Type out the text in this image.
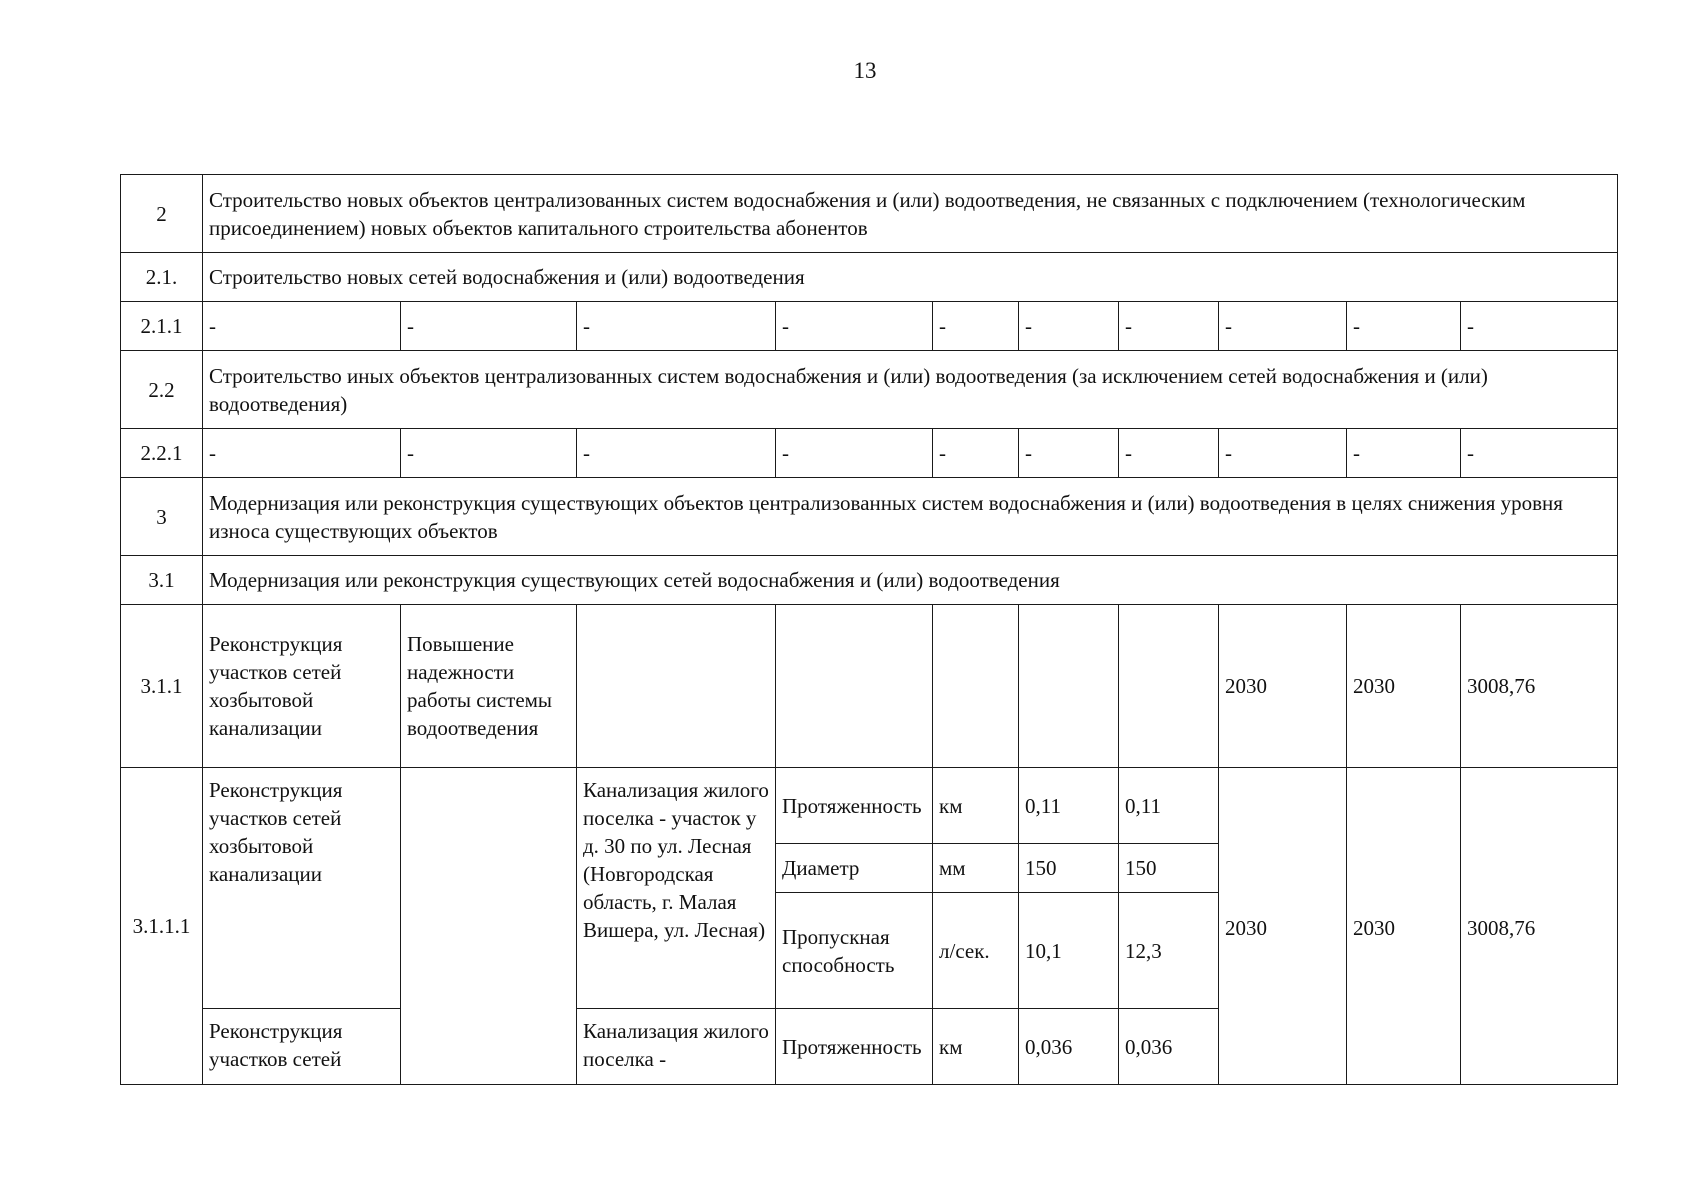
13
2	Строительство новых объектов централизованных систем водоснабжения и (или) водоотведения, не связанных с подключением (технологическим присоединением) новых объектов капитального строительства абонентов									
2.1.	Строительство новых сетей водоснабжения и (или) водоотведения									
2.1.1	-	-	-	-	-	-	-	-	-	-
2.2	Строительство иных объектов централизованных систем водоснабжения и (или) водоотведения (за исключением сетей водоснабжения и (или) водоотведения)									
2.2.1	-	-	-	-	-	-	-	-	-	-
3	Модернизация или реконструкция существующих объектов централизованных систем водоснабжения и (или) водоотведения в целях снижения уровня износа существующих объектов									
3.1	Модернизация или реконструкция существующих сетей водоснабжения и (или) водоотведения									
3.1.1	Реконструкция участков сетей хозбытовой канализации	Повышение надежности работы системы водоотведения						2030	2030	3008,76
3.1.1.1	Реконструкция участков сетей хозбытовой канализации		Канализация жилого поселка - участок у д. 30 по ул. Лесная (Новгородская область, г. Малая Вишера, ул. Лесная)	Протяженность	км	0,11	0,11	2030	2030	3008,76
				Диаметр	мм	150	150			
				Пропускная способность	л/сек.	10,1	12,3			
	Реконструкция участков сетей		Канализация жилого поселка -	Протяженность	км	0,036	0,036			
